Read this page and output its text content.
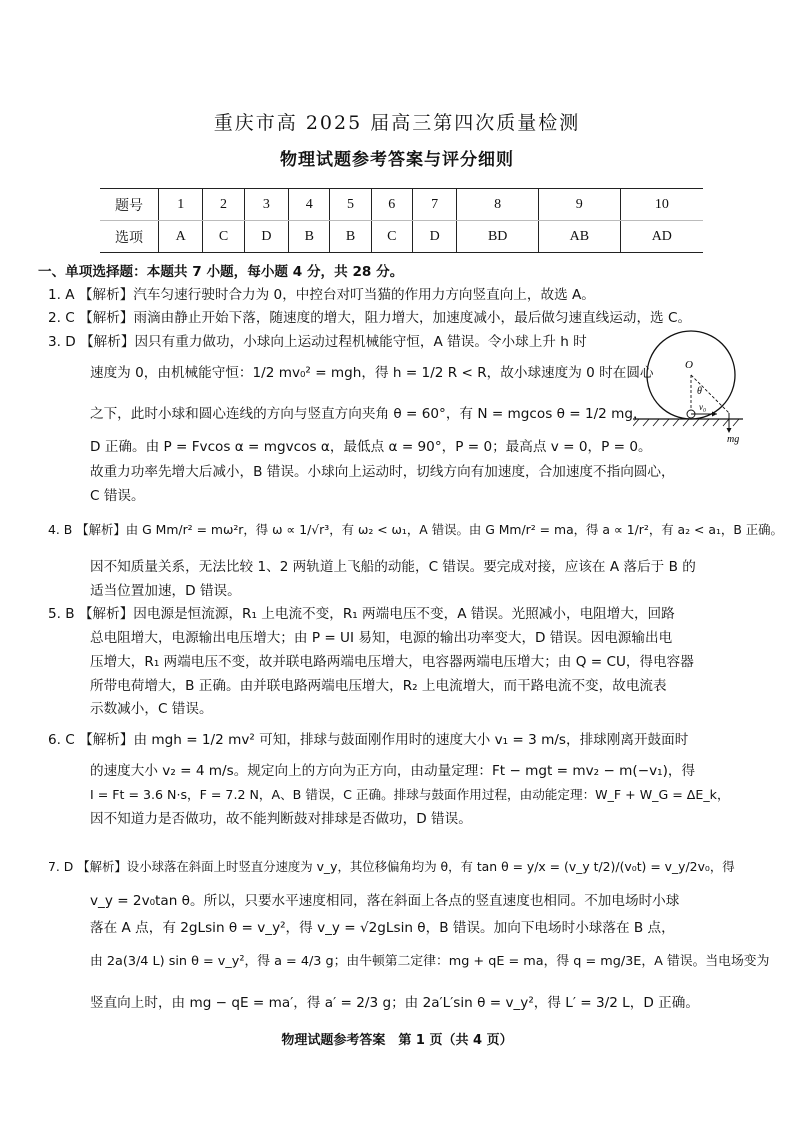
重庆市高 2025 届高三第四次质量检测
物理试题参考答案与评分细则
题号	1	2	3	4	5	6	7	8	9	10
选项	A	C	D	B	B	C	D	BD	AB	AD
一、单项选择题：本题共 7 小题，每小题 4 分，共 28 分。
1. A 【解析】汽车匀速行驶时合力为 0，中控台对叮当猫的作用力方向竖直向上，故选 A。
2. C 【解析】雨滴由静止开始下落，随速度的增大，阻力增大，加速度减小，最后做匀速直线运动，选 C。
3. D 【解析】因只有重力做功，小球向上运动过程机械能守恒，A 错误。令小球上升 h 时
速度为 0，由机械能守恒：1/2 mv₀² = mgh，得 h = 1/2 R < R，故小球速度为 0 时在圆心
之下，此时小球和圆心连线的方向与竖直方向夹角 θ = 60°，有 N = mgcos θ = 1/2 mg，
D 正确。由 P = Fvcos α = mgvcos α，最低点 α = 90°，P = 0；最高点 v = 0，P = 0。
故重力功率先增大后减小，B 错误。小球向上运动时，切线方向有加速度，合加速度不指向圆心，
C 错误。
4. B 【解析】由 G Mm/r² = mω²r，得 ω ∝ 1/√r³，有 ω₂ < ω₁，A 错误。由 G Mm/r² = ma，得 a ∝ 1/r²，有 a₂ < a₁，B 正确。
因不知质量关系，无法比较 1、2 两轨道上飞船的动能，C 错误。要完成对接，应该在 A 落后于 B 的
适当位置加速，D 错误。
5. B 【解析】因电源是恒流源，R₁ 上电流不变，R₁ 两端电压不变，A 错误。光照减小，电阻增大，回路
总电阻增大，电源输出电压增大；由 P = UI 易知，电源的输出功率变大，D 错误。因电源输出电
压增大，R₁ 两端电压不变，故并联电路两端电压增大，电容器两端电压增大；由 Q = CU，得电容器
所带电荷增大，B 正确。由并联电路两端电压增大，R₂ 上电流增大，而干路电流不变，故电流表
示数减小，C 错误。
6. C 【解析】由 mgh = 1/2 mv² 可知，排球与鼓面刚作用时的速度大小 v₁ = 3 m/s，排球刚离开鼓面时
的速度大小 v₂ = 4 m/s。规定向上的方向为正方向，由动量定理：Ft − mgt = mv₂ − m(−v₁)，得
I = Ft = 3.6 N·s，F = 7.2 N，A、B 错误，C 正确。排球与鼓面作用过程，由动能定理：W_F + W_G = ΔE_k，
因不知道力是否做功，故不能判断鼓对排球是否做功，D 错误。
7. D 【解析】设小球落在斜面上时竖直分速度为 v_y，其位移偏角均为 θ，有 tan θ = y/x = (v_y t/2)/(v₀t) = v_y/2v₀，得
v_y = 2v₀tan θ。所以，只要水平速度相同，落在斜面上各点的竖直速度也相同。不加电场时小球
落在 A 点，有 2gLsin θ = v_y²，得 v_y = √2gLsin θ，B 错误。加向下电场时小球落在 B 点，
由 2a(3/4 L) sin θ = v_y²，得 a = 4/3 g；由牛顿第二定律：mg + qE = ma，得 q = mg/3E，A 错误。当电场变为
竖直向上时，由 mg − qE = ma′，得 a′ = 2/3 g；由 2a′L′sin θ = v_y²，得 L′ = 3/2 L，D 正确。
O
θ
v₀
mg
物理试题参考答案　第 1 页（共 4 页）
